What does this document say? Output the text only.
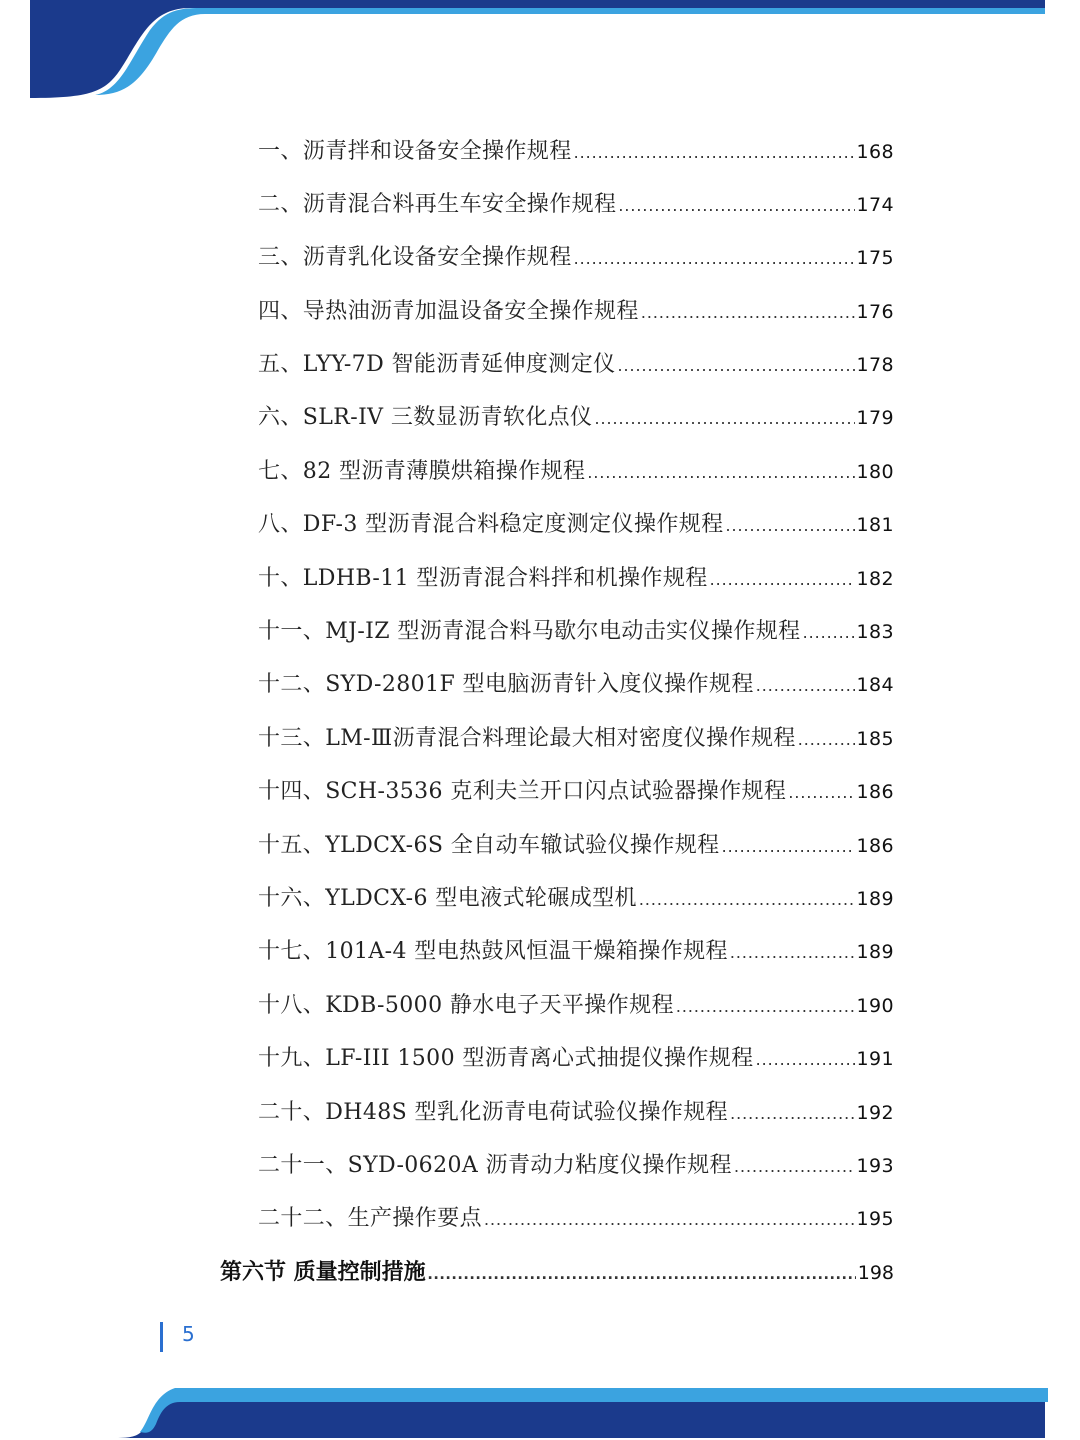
一、沥青拌和设备安全操作规程 .....	168
二、沥青混合料再生车安全操作规程 .....	174
三、沥青乳化设备安全操作规程 .....	175
四、导热油沥青加温设备安全操作规程 .....	176
五、LYY-7D 智能沥青延伸度测定仪 .....	178
六、SLR-IV 三数显沥青软化点仪 .....	179
七、82 型沥青薄膜烘箱操作规程 .....	180
八、DF-3 型沥青混合料稳定度测定仪操作规程 .....	181
十、LDHB-11 型沥青混合料拌和机操作规程 .....	182
十一、MJ-IZ 型沥青混合料马歇尔电动击实仪操作规程 .....	183
十二、SYD-2801F 型电脑沥青针入度仪操作规程 .....	184
十三、LM-Ⅲ沥青混合料理论最大相对密度仪操作规程 .....	185
十四、SCH-3536 克利夫兰开口闪点试验器操作规程 .....	186
十五、YLDCX-6S 全自动车辙试验仪操作规程 .....	186
十六、YLDCX-6 型电液式轮碾成型机 .....	189
十七、101A-4 型电热鼓风恒温干燥箱操作规程 .....	189
十八、KDB-5000 静水电子天平操作规程 .....	190
十九、LF-III 1500 型沥青离心式抽提仪操作规程 .....	191
二十、DH48S 型乳化沥青电荷试验仪操作规程 .....	192
二十一、SYD-0620A 沥青动力粘度仪操作规程 .....	193
二十二、生产操作要点 .....	195
第六节 质量控制措施 .....	198
5
